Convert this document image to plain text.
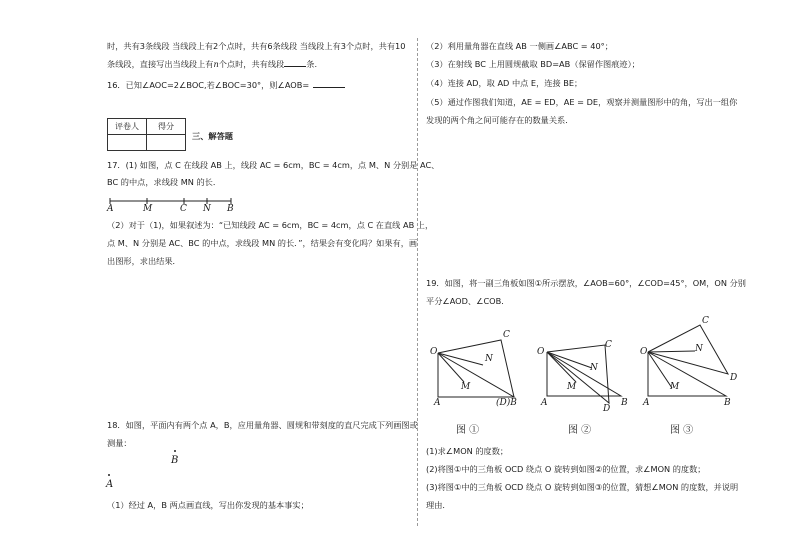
时，共有3条线段 当线段上有2个点时，共有6条线段 当线段上有3个点时，共有10
条线段，直接写出当线段上有n个点时，共有线段	条.
16．已知∠AOC=2∠BOC,若∠BOC=30°，则∠AOB=
评卷人	得分

三、解答题
17．(1) 如图，点 C 在线段 AB 上，线段 AC = 6cm，BC = 4cm，点 M、N 分别是 AC、
BC 的中点，求线段 MN 的长．
（2）对于（1)，如果叙述为：“已知线段 AC = 6cm，BC = 4cm，点 C 在直线 AB 上，
点 M、N 分别是 AC、BC 的中点，求线段 MN 的长．”，结果会有变化吗？如果有，画
出图形，求出结果．
18．如图，平面内有两个点 A，B，应用量角器、圆规和带刻度的直尺完成下列画图或
测量：
（1）经过 A，B 两点画直线，写出你发现的基本事实；
A	M	C N B
B
A
（2）利用量角器在直线 AB 一侧画∠ABC = 40°；
（3）在射线 BC 上用圆规截取 BD=AB（保留作图痕迹）；
（4）连接 AD，取 AD 中点 E，连接 BE；
（5）通过作图我们知道，AE = ED，AE = DE，观察并测量图形中的角，写出一组你
发现的两个角之间可能存在的数量关系．
19．如图，将一副三角板如图①所示摆放，∠AOB=60°，∠COD=45°，OM，ON 分别
平分∠AOD、∠COB．
(1)求∠MON 的度数；
(2)将图①中的三角板 OCD 绕点 O 旋转到如图②的位置，求∠MON 的度数；
(3)将图①中的三角板 OCD 绕点 O 旋转到如图③的位置，猜想∠MON 的度数，并说明
理由．
O
C
N
M
A	(D)B
图 ①
O
C
N
M
A
D
B
图 ②
O
C
N
M
A
D
B
图 ③
